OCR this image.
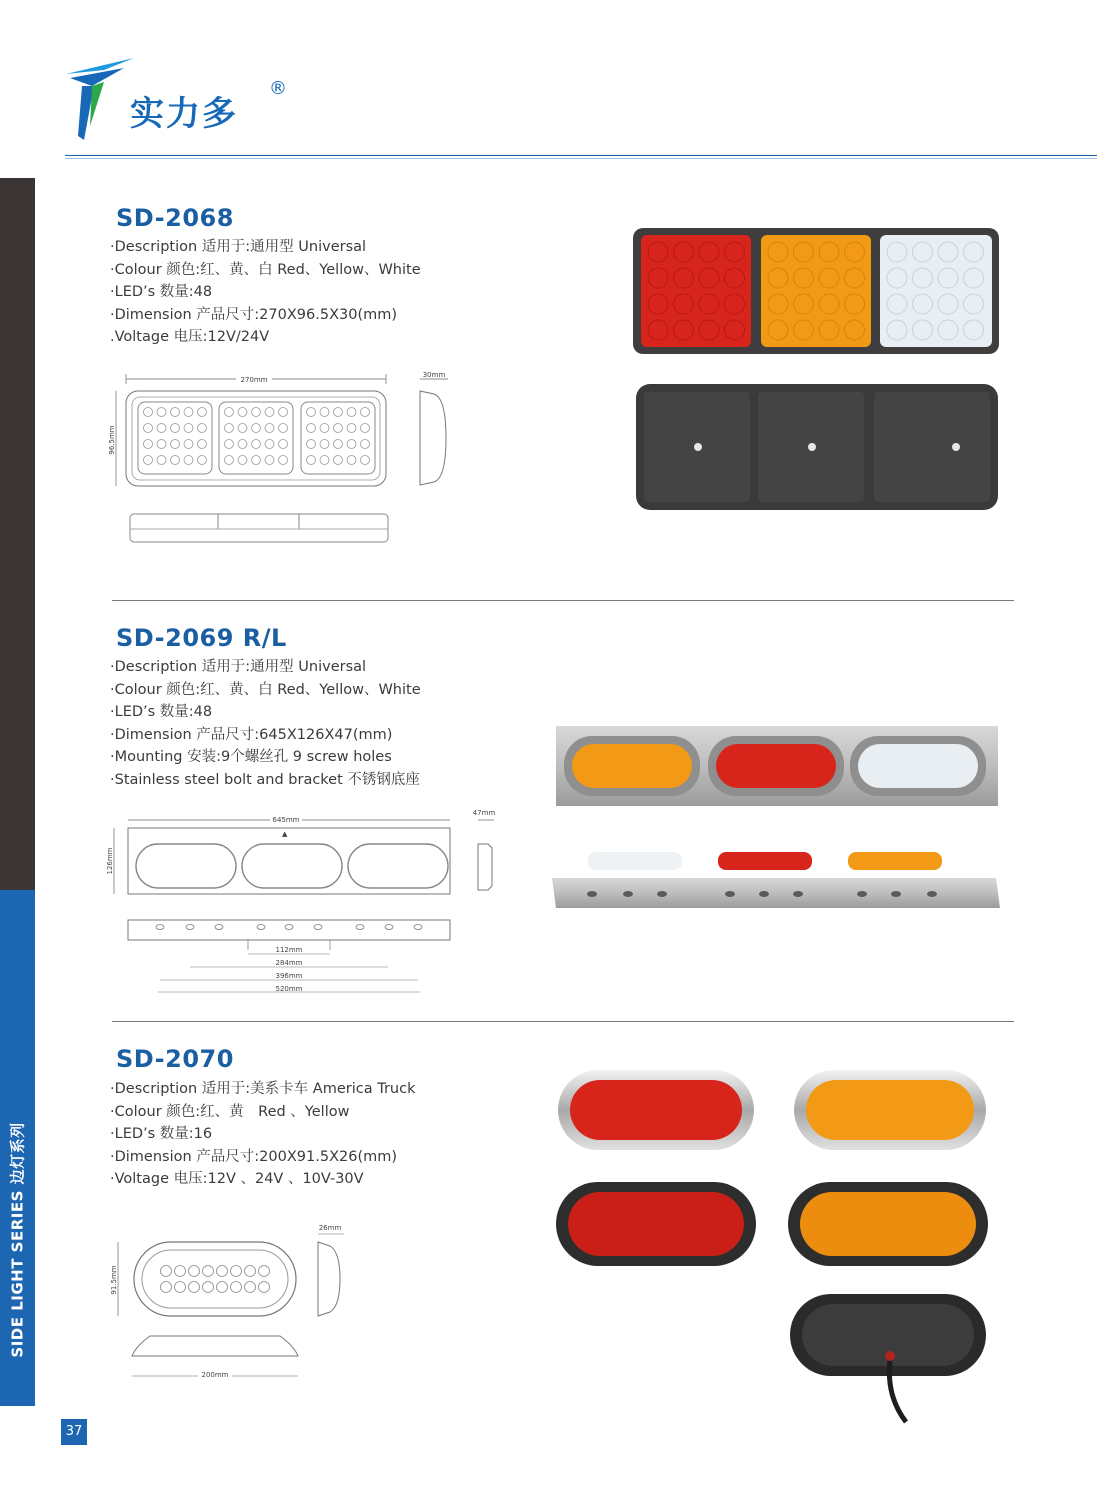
实力多
®
SIDE LIGHT SERIES 边灯系列
37
SD-2068
·Description 适用于:通用型 Universal
·Colour 颜色:红、黄、白 Red、Yellow、White
·LED’s 数量:48
·Dimension 产品尺寸:270X96.5X30(mm)
.Voltage 电压:12V/24V
270mm
96.5mm
30mm
SD-2069 R/L
·Description 适用于:通用型 Universal
·Colour 颜色:红、黄、白 Red、Yellow、White
·LED’s 数量:48
·Dimension 产品尺寸:645X126X47(mm)
·Mounting 安装:9个螺丝孔 9 screw holes
·Stainless steel bolt and bracket 不锈钢底座
645mm
126mm
▲
47mm
112mm
284mm
396mm
520mm
SD-2070
·Description 适用于:美系卡车 America Truck
·Colour 颜色:红、黄　Red 、Yellow
·LED’s 数量:16
·Dimension 产品尺寸:200X91.5X26(mm)
·Voltage 电压:12V 、24V 、10V-30V
91.5mm
26mm
200mm
